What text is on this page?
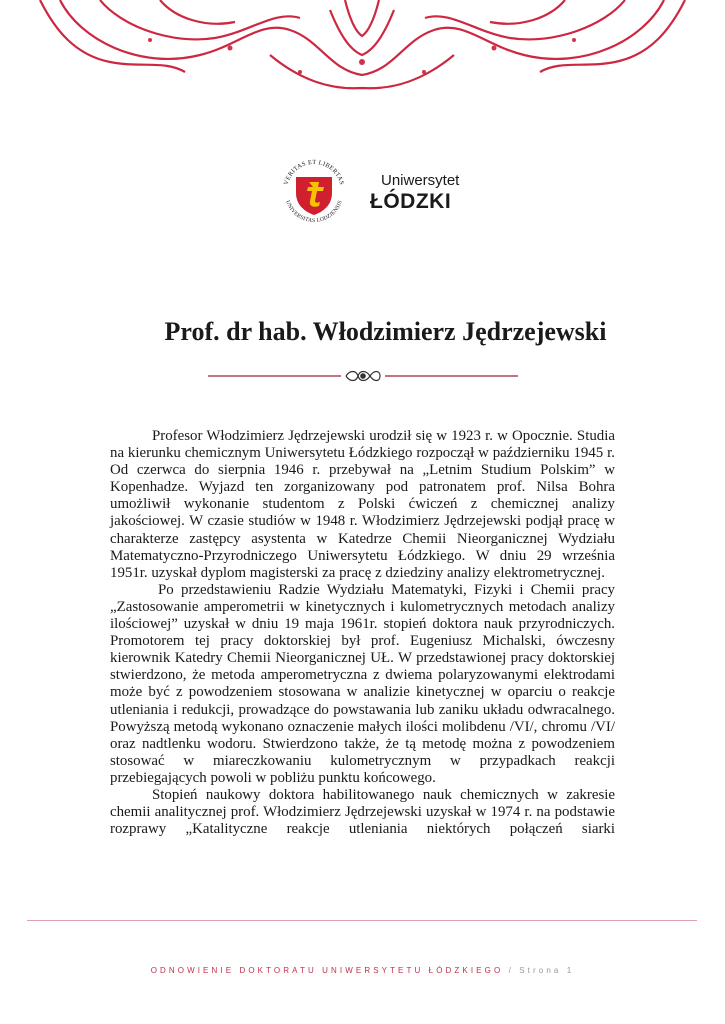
VERITAS ET LIBERTAS
UNIVERSITAS LODZIENSIS
Uniwersytet
ŁÓDZKI
Prof. dr hab. Włodzimierz Jędrzejewski

Profesor Włodzimierz Jędrzejewski urodził się w 1923 r. w Opocznie. Studia na kierunku chemicznym Uniwersytetu Łódzkiego rozpoczął w październiku 1945 r. Od czerwca do sierpnia 1946 r. przebywał na „Letnim Studium Polskim” w Kopenhadze. Wyjazd ten zorganizowany pod patronatem prof. Nilsa Bohra umożliwił wykonanie studentom z Polski ćwiczeń z chemicznej analizy jakościowej. W czasie studiów w 1948 r. Włodzimierz Jędrzejewski podjął pracę w charakterze zastępcy asystenta w Katedrze Chemii Nieorganicznej Wydziału Matematyczno-Przyrodniczego Uniwersytetu Łódzkiego. W dniu 29 września 1951r. uzyskał dyplom magisterski za pracę z dziedziny analizy elektrometrycznej.

Po przedstawieniu Radzie Wydziału Matematyki, Fizyki i Chemii pracy „Zastosowanie amperometrii w kinetycznych i kulometrycznych metodach analizy ilościowej” uzyskał w dniu 19 maja 1961r. stopień doktora nauk przyrodniczych. Promotorem tej pracy doktorskiej był prof. Eugeniusz Michalski, ówczesny kierownik Katedry Chemii Nieorganicznej UŁ. W przedstawionej pracy doktorskiej stwierdzono, że metoda amperometryczna z dwiema polaryzowanymi elektrodami może być z powodzeniem stosowana w analizie kinetycznej w oparciu o reakcje utleniania i redukcji, prowadzące do powstawania lub zaniku układu odwracalnego. Powyższą metodą wykonano oznaczenie małych ilości molibdenu /VI/, chromu /VI/ oraz nadtlenku wodoru. Stwierdzono także, że tą metodę można z powodzeniem stosować w miareczkowaniu kulometrycznym w przypadkach reakcji przebiegających powoli w pobliżu punktu końcowego.

Stopień naukowy doktora habilitowanego nauk chemicznych w zakresie chemii analitycznej prof. Włodzimierz Jędrzejewski uzyskał w 1974 r. na podstawie rozprawy „Katalityczne reakcje utleniania niektórych połączeń siarki

ODNOWIENIE DOKTORATU UNIWERSYTETU ŁÓDZKIEGO / Strona 1
